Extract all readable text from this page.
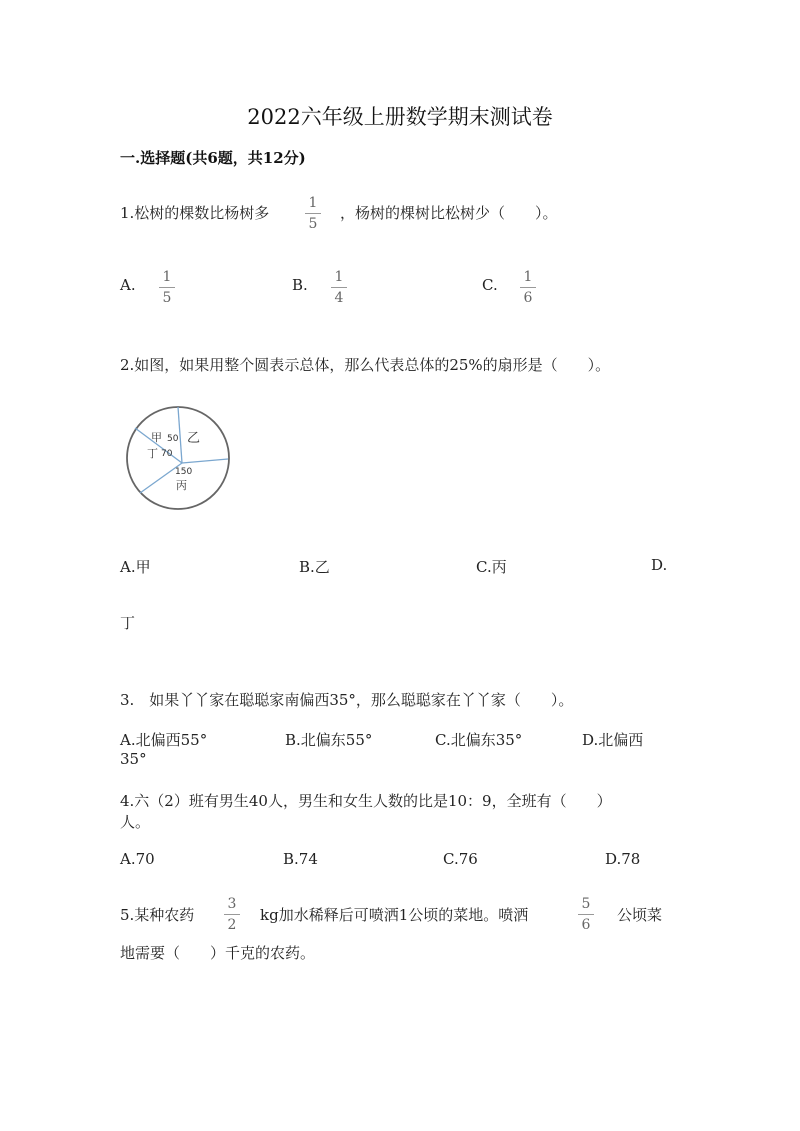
2022六年级上册数学期末测试卷
一.选择题(共6题，共12分)
1.松树的棵数比杨树多
1
5
，杨树的棵树比松树少（　　）。
A. 1
5
B. 1
4
C. 1
6
2.如图，如果用整个圆表示总体，那么代表总体的25%的扇形是（　　）。
甲 50 乙
丁 70
150
丙
A.甲	B.乙	C.丙	D.
丁
3.　如果丫丫家在聪聪家南偏西35°，那么聪聪家在丫丫家（　　）。
A.北偏西55°	B.北偏东55°	C.北偏东35°	D.北偏西
35°
4.六（2）班有男生40人，男生和女生人数的比是10：9，全班有（　　）
人。
A.70	B.74	C.76	D.78
5.某种农药
3
2
kg加水稀释后可喷洒1公顷的菜地。喷洒
5
6
公顷菜
地需要（　　）千克的农药。
